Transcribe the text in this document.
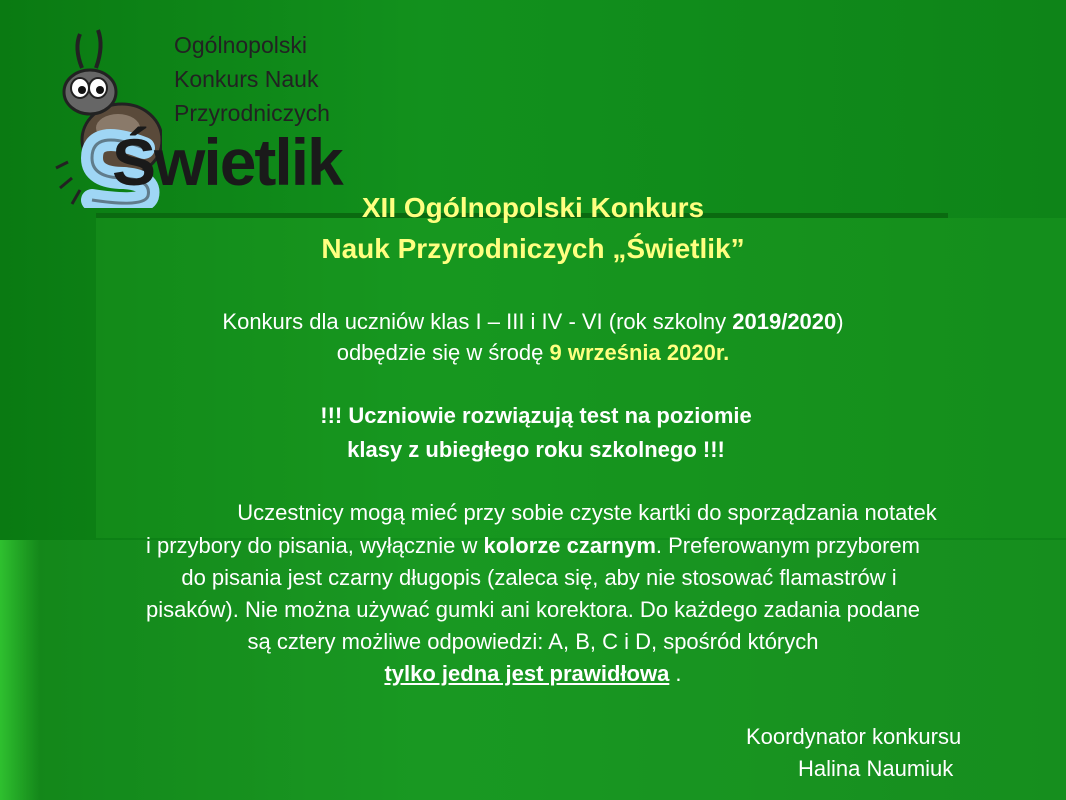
Ogólnopolski
Konkurs Nauk
Przyrodniczych
Świetlik
XII Ogólnopolski Konkurs
Nauk Przyrodniczych „Świetlik”
Konkurs dla uczniów klas I – III i IV - VI (rok szkolny 2019/2020)
odbędzie się w środę 9 września 2020r.
!!! Uczniowie rozwiązują test na poziomie
klasy z ubiegłego roku szkolnego !!!
Uczestnicy mogą mieć przy sobie czyste kartki do sporządzania notatek
i przybory do pisania, wyłącznie w kolorze czarnym. Preferowanym przyborem
do pisania jest czarny długopis (zaleca się, aby nie stosować flamastrów i
pisaków). Nie można używać gumki ani korektora. Do każdego zadania podane
są cztery możliwe odpowiedzi: A, B, C i D, spośród których
tylko jedna jest prawidłowa .
Koordynator konkursu
Halina Naumiuk
